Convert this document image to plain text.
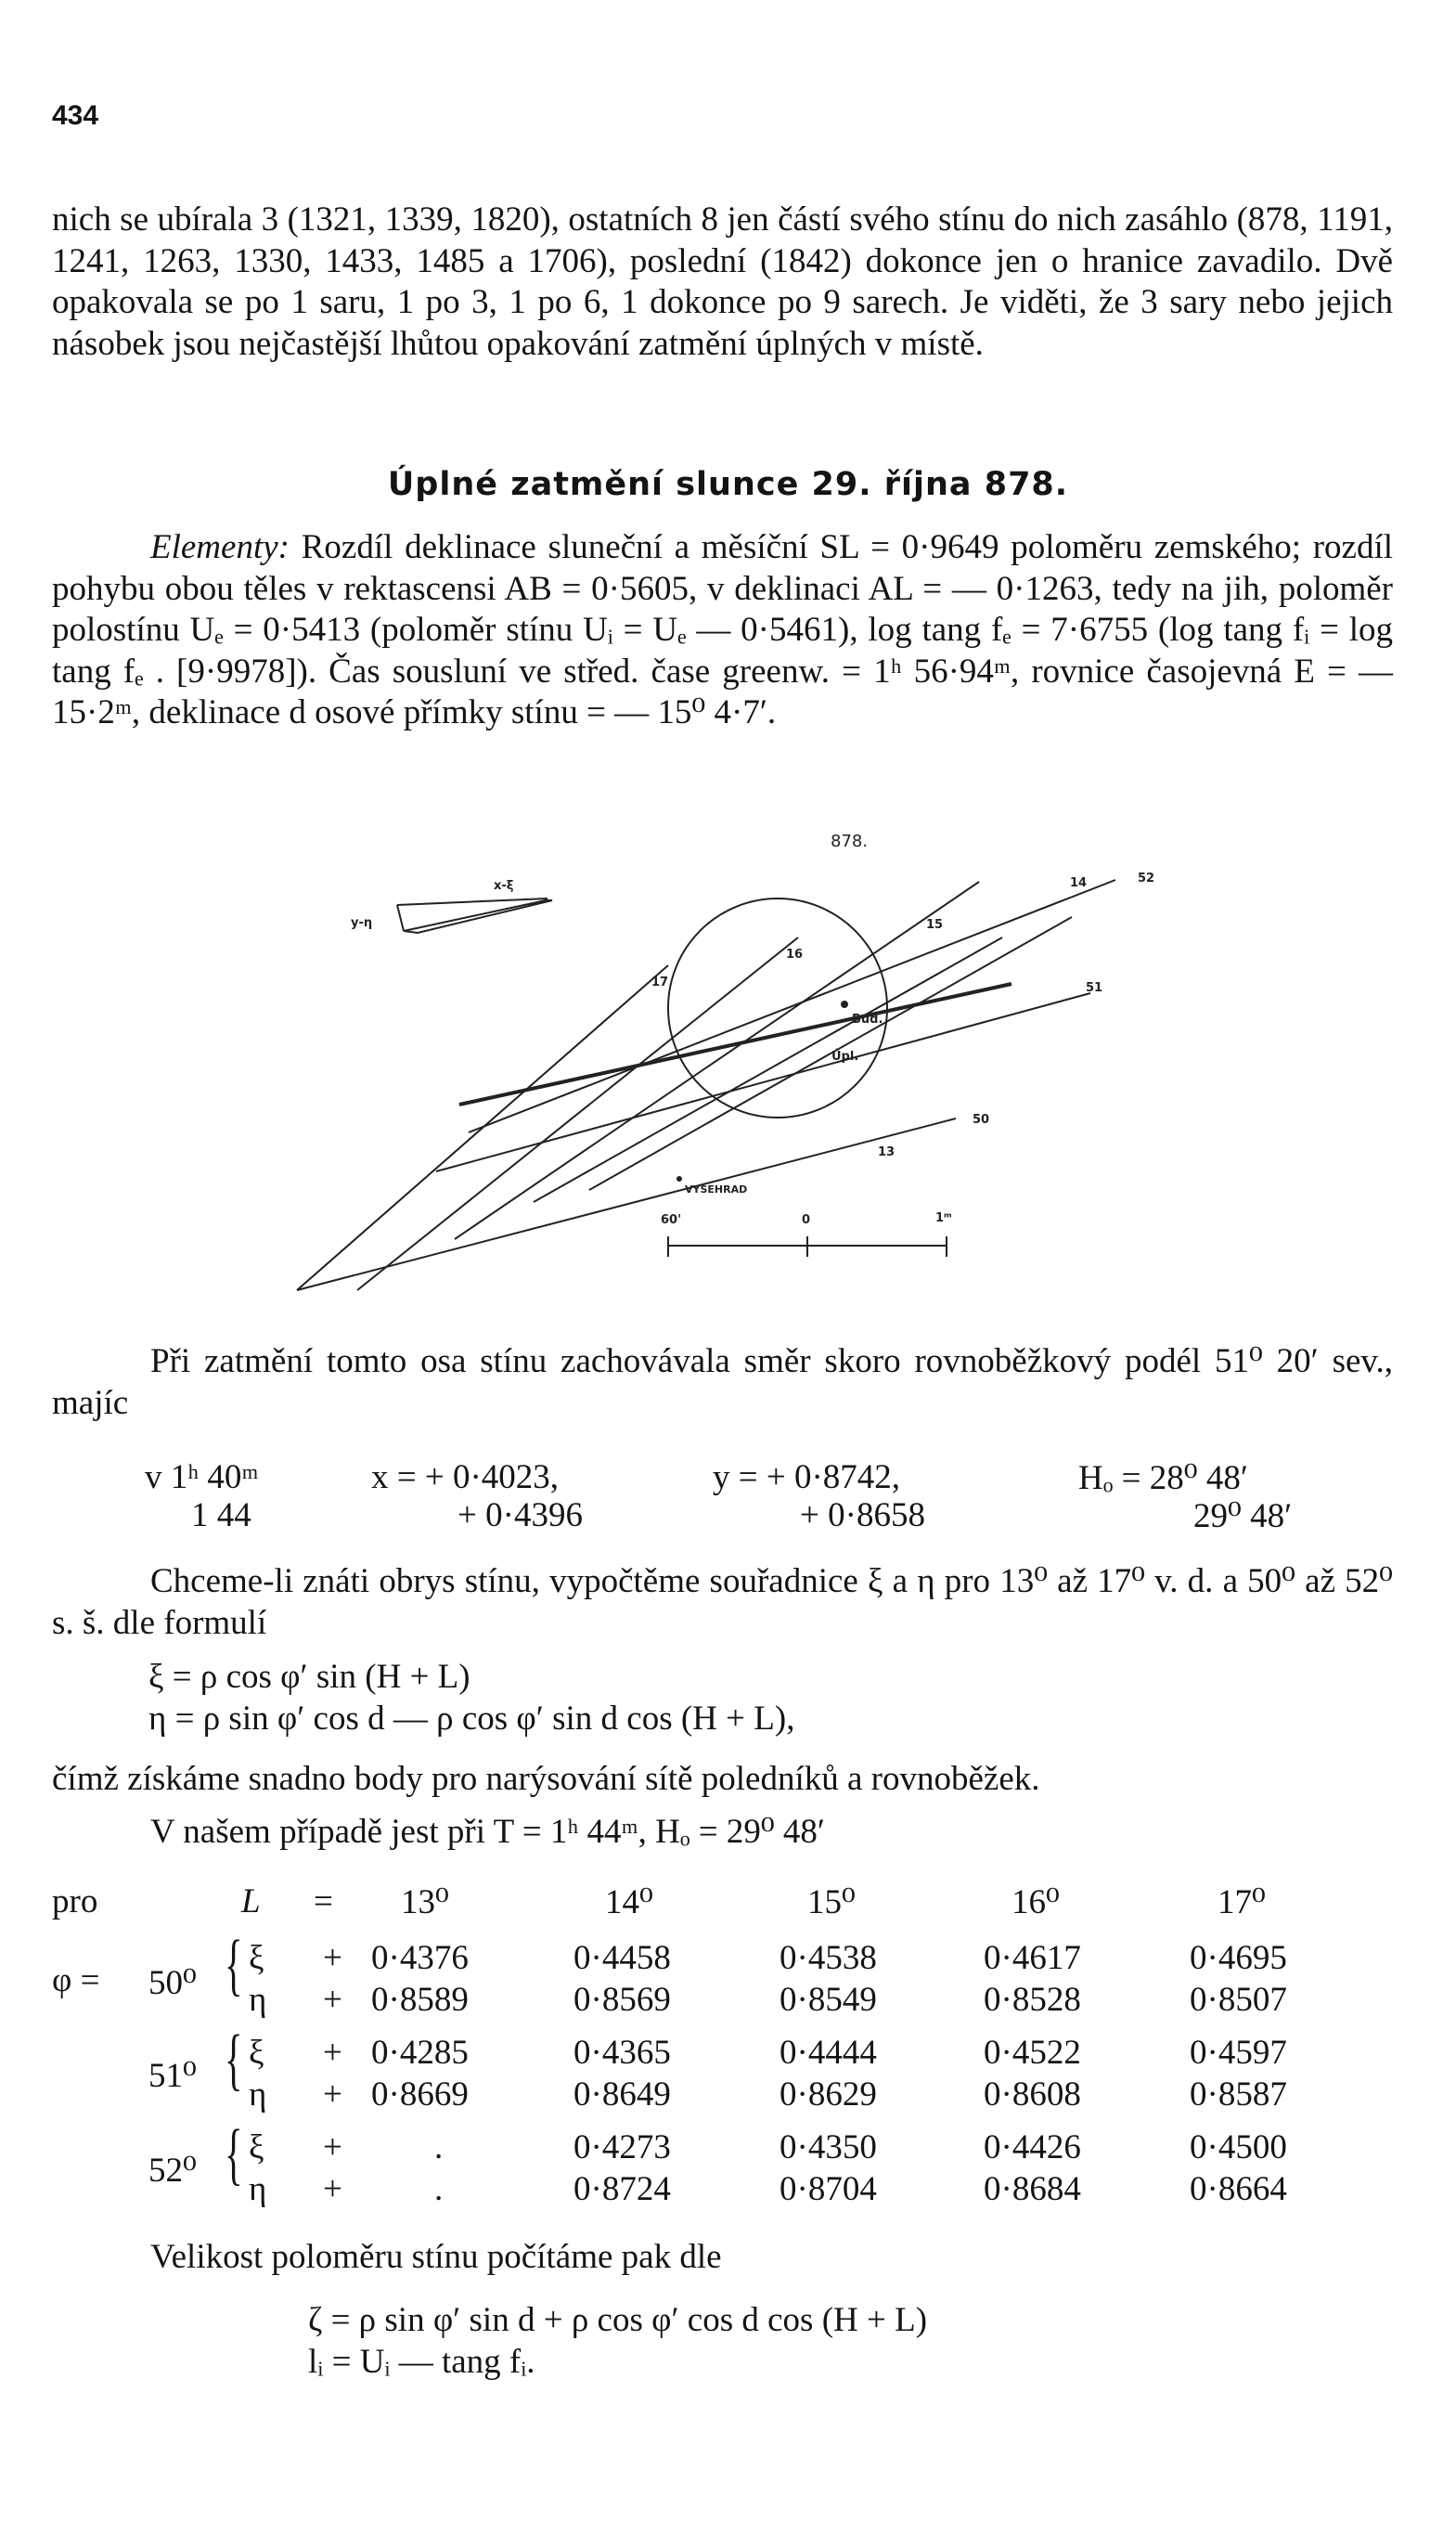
434
nich se ubírala 3 (1321, 1339, 1820), ostatních 8 jen částí svého stínu do nich zasáhlo (878, 1191, 1241, 1263, 1330, 1433, 1485 a 1706), poslední (1842) dokonce jen o hranice zavadilo. Dvě opakovala se po 1 saru, 1 po 3, 1 po 6, 1 dokonce po 9 sarech. Je viděti, že 3 sary nebo jejich násobek jsou nejčastější lhůtou opakování zatmění úplných v místě.
Úplné zatmění slunce 29. října 878.
Elementy: Rozdíl deklinace sluneční a měsíční SL = 0·9649 poloměru zemského; rozdíl pohybu obou těles v rektascensi AB = 0·5605, v deklinaci AL = — 0·1263, tedy na jih, poloměr polostínu Uₑ = 0·5413 (poloměr stínu Uᵢ = Uₑ — 0·5461), log tang fₑ = 7·6755 (log tang fᵢ = log tang fₑ . [9·9978]). Čas sousluní ve střed. čase greenw. = 1ʰ 56·94ᵐ, rovnice časojevná E = — 15·2ᵐ, deklinace d osové přímky stínu = — 15⁰ 4·7′.
878.
x-ξ
y-η
17
16
15
14
13
52
51
50
Bud.
Úpl.
VYŠEHRAD
60'	0	1ᵐ
Při zatmění tomto osa stínu zachovávala směr skoro rovnoběžkový podél 51⁰ 20′ sev., majíc
v 1ʰ 40ᵐ	x = + 0·4023,	y = + 0·8742,	Hₒ = 28⁰ 48′
1 44	+ 0·4396	+ 0·8658	29⁰ 48′
Chceme-li znáti obrys stínu, vypočtěme souřadnice ξ a η pro 13⁰ až 17⁰ v. d. a 50⁰ až 52⁰ s. š. dle formulí
ξ = ρ cos φ′ sin (H + L)
η = ρ sin φ′ cos d — ρ cos φ′ sin d cos (H + L),
čímž získáme snadno body pro narýsování sítě poledníků a rovnoběžek.
V našem případě jest při T = 1ʰ 44ᵐ, Hₒ = 29⁰ 48′
pro	L = 13⁰	14⁰	15⁰	16⁰	17⁰
φ = 50⁰ { ξ + 0·4376	0·4458	0·4538	0·4617	0·4695
η + 0·8589	0·8569	0·8549	0·8528	0·8507
51⁰ { ξ + 0·4285	0·4365	0·4444	0·4522	0·4597
η + 0·8669	0·8649	0·8629	0·8608	0·8587
52⁰ { ξ +	.	0·4273	0·4350	0·4426	0·4500
η +	.	0·8724	0·8704	0·8684	0·8664
Velikost poloměru stínu počítáme pak dle
ζ = ρ sin φ′ sin d + ρ cos φ′ cos d cos (H + L)
lᵢ = Uᵢ — tang fᵢ.
